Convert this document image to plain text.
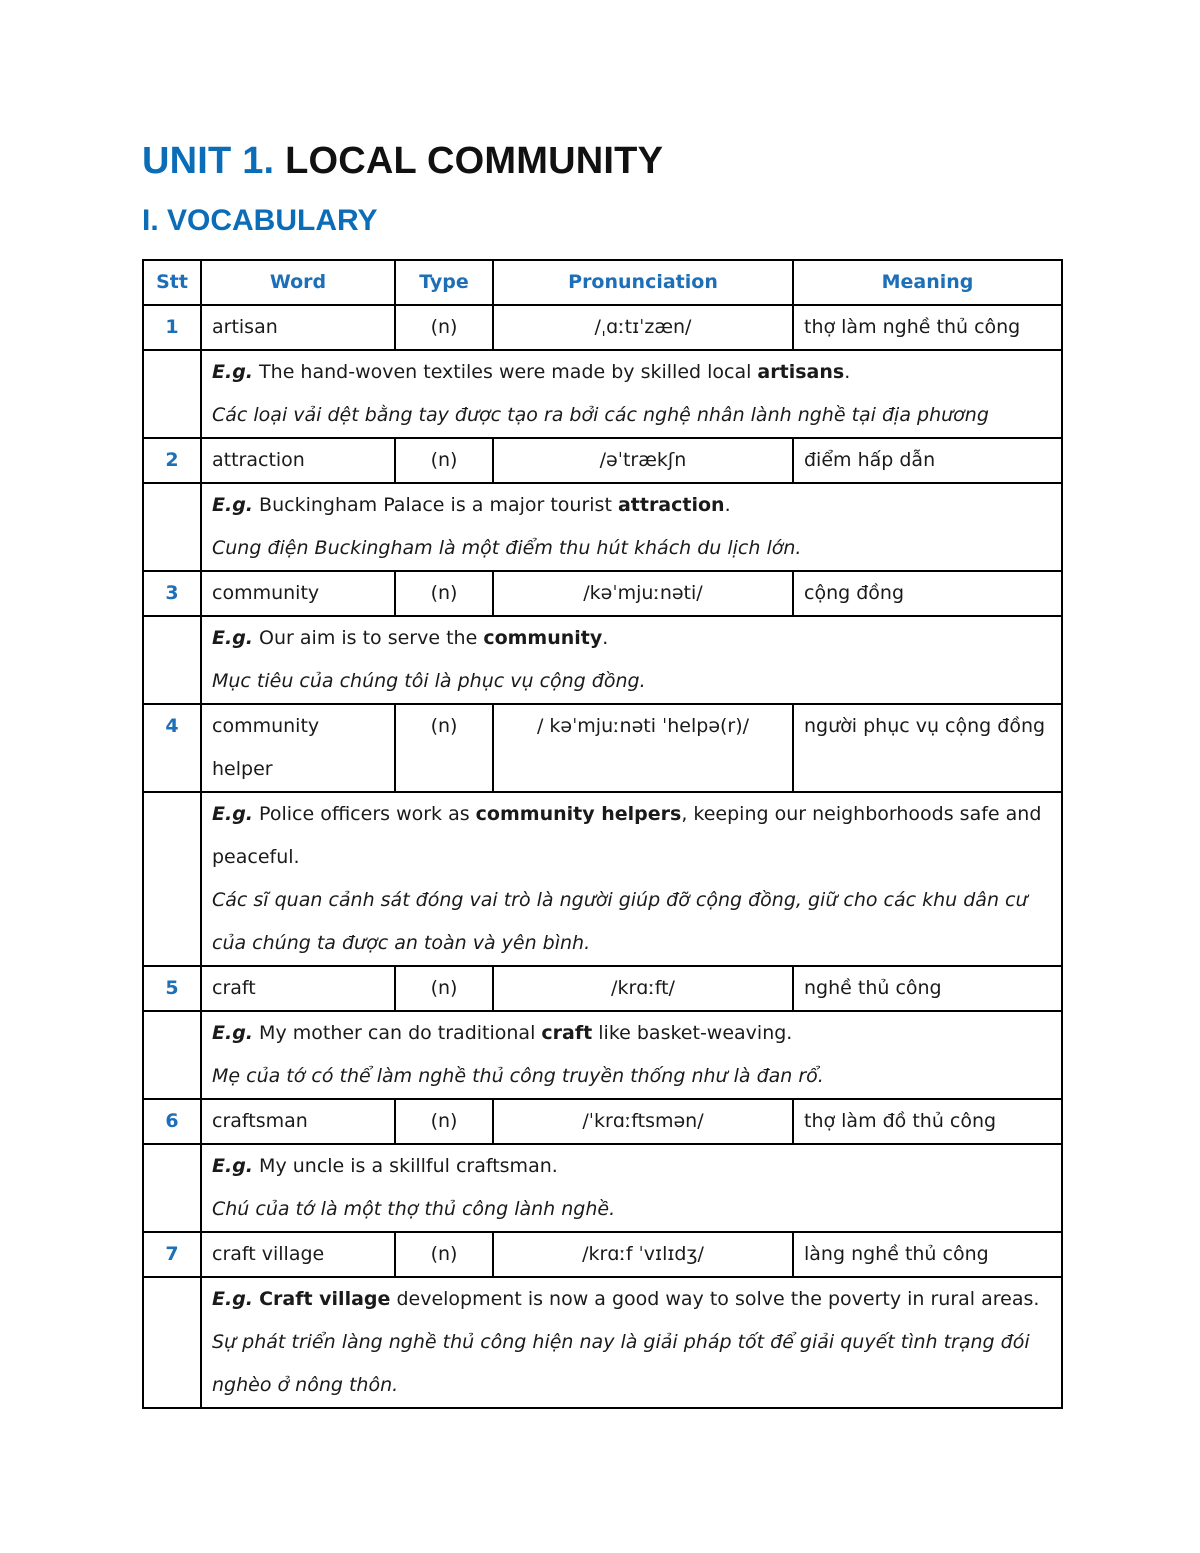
UNIT 1. LOCAL COMMUNITY
I. VOCABULARY
Stt	Word	Type	Pronunciation	Meaning
1	artisan	(n)	/ˌɑːtɪˈzæn/	thợ làm nghề thủ công

	E.g. The hand-woven textiles were made by skilled local artisans.
Các loại vải dệt bằng tay được tạo ra bởi các nghệ nhân lành nghề tại địa phương			

2	attraction	(n)	/əˈtrækʃn	điểm hấp dẫn

	E.g. Buckingham Palace is a major tourist attraction.
Cung điện Buckingham là một điểm thu hút khách du lịch lớn.			

3	community	(n)	/kəˈmjuːnəti/	cộng đồng

	E.g. Our aim is to serve the community.
Mục tiêu của chúng tôi là phục vụ cộng đồng.			

4	community helper	(n)	/ kəˈmjuːnəti ˈhelpə(r)/	người phục vụ cộng đồng

	E.g. Police officers work as community helpers, keeping our neighborhoods safe and peaceful.
Các sĩ quan cảnh sát đóng vai trò là người giúp đỡ cộng đồng, giữ cho các khu dân cư của chúng ta được an toàn và yên bình.			

5	craft	(n)	/krɑːft/	nghề thủ công

	E.g. My mother can do traditional craft like basket-weaving.
Mẹ của tớ có thể làm nghề thủ công truyền thống như là đan rổ.			

6	craftsman	(n)	/ˈkrɑːftsmən/	thợ làm đồ thủ công

	E.g. My uncle is a skillful craftsman.
Chú của tớ là một thợ thủ công lành nghề.			

7	craft village	(n)	/krɑːf ˈvɪlɪdʒ/	làng nghề thủ công

	E.g. Craft village development is now a good way to solve the poverty in rural areas.
Sự phát triển làng nghề thủ công hiện nay là giải pháp tốt để giải quyết tình trạng đói nghèo ở nông thôn.			
